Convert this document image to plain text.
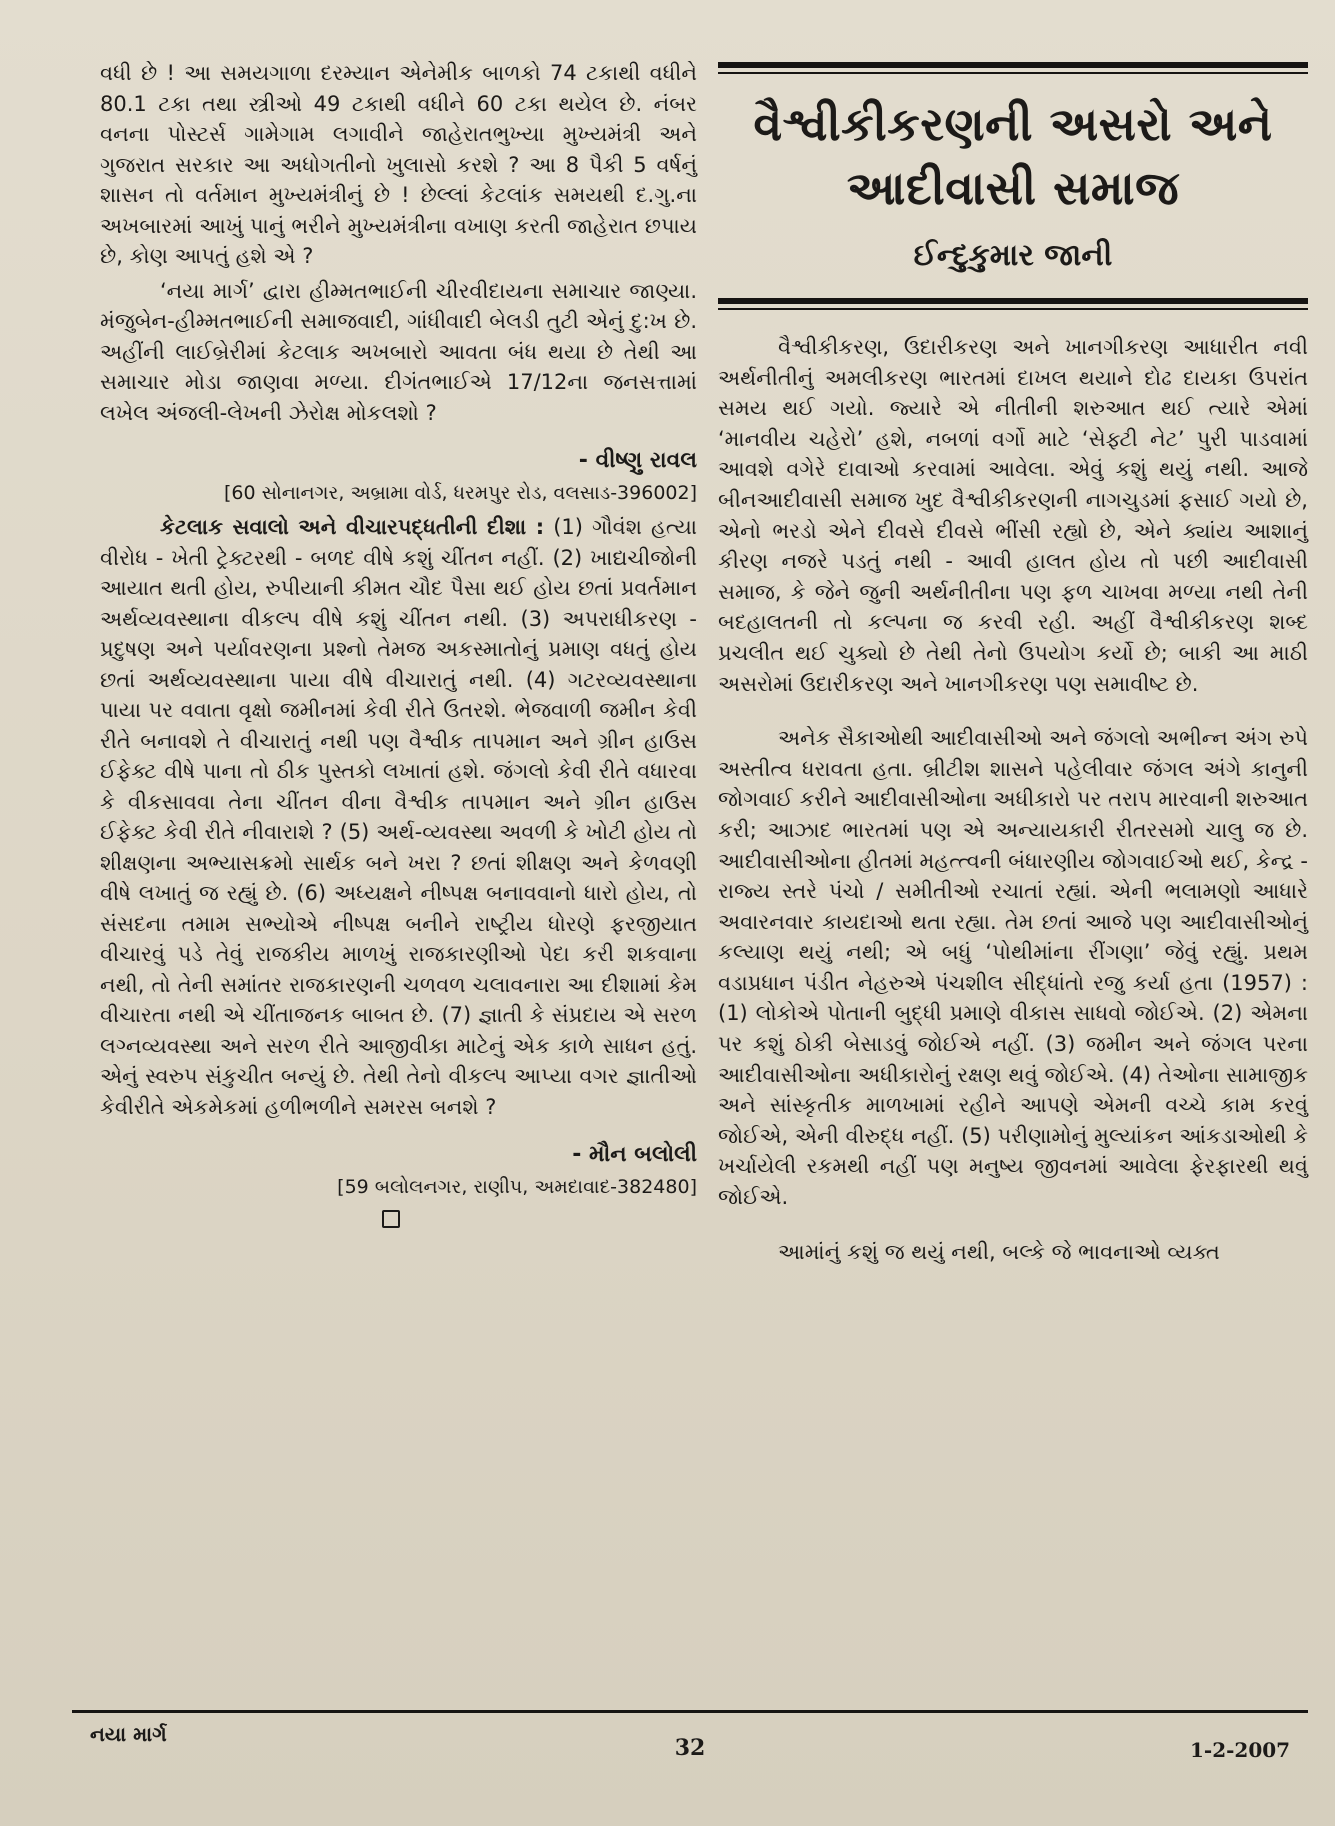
વધી છે ! આ સમયગાળા દરમ્યાન એનેમીક બાળકો 74 ટકાથી વધીને 80.1 ટકા તથા સ્ત્રીઓ 49 ટકાથી વધીને 60 ટકા થયેલ છે. નંબર વનના પોસ્ટર્સ ગામેગામ લગાવીને જાહેરાતભુખ્યા મુખ્યમંત્રી અને ગુજરાત સરકાર આ અધોગતીનો ખુલાસો કરશે ? આ 8 પૈકી 5 વર્ષનું શાસન તો વર્તમાન મુખ્યમંત્રીનું છે ! છેલ્લાં કેટલાંક સમયથી દ.ગુ.ના અખબારમાં આખું પાનું ભરીને મુખ્યમંત્રીના વખાણ કરતી જાહેરાત છપાય છે, કોણ આપતું હશે એ ?

‘નયા માર્ગ’ દ્વારા હીમ્મતભાઈની ચીરવીદાયના સમાચાર જાણ્યા. મંજુબેન-હીમ્મતભાઈની સમાજવાદી, ગાંધીવાદી બેલડી તુટી એનું દુ:ખ છે. અહીંની લાઈબ્રેરીમાં કેટલાક અખબારો આવતા બંધ થયા છે તેથી આ સમાચાર મોડા જાણવા મળ્યા. દીગંતભાઈએ 17/12ના જનસત્તામાં લખેલ અંજલી-લેખની ઝેરોક્ષ મોકલશો ?

- વીષ્ણુ રાવલ
[60 સોનાનગર, અબ્રામા વોર્ડ, ધરમપુર રોડ, વલસાડ-396002]

કેટલાક સવાલો અને વીચારપદ્ધતીની દીશા : (1) ગૌવંશ હત્યા વીરોધ - ખેતી ટ્રેક્ટરથી - બળદ વીષે કશું ચીંતન નહીં. (2) ખાદ્યચીજોની આયાત થતી હોય, રુપીયાની કીમત ચૌદ પૈસા થઈ હોય છતાં પ્રવર્તમાન અર્થવ્યવસ્થાના વીકલ્પ વીષે કશું ચીંતન નથી. (3) અપરાધીકરણ - પ્રદુષણ અને પર્યાવરણના પ્રશ્નો તેમજ અકસ્માતોનું પ્રમાણ વધતું હોય છતાં અર્થવ્યવસ્થાના પાયા વીષે વીચારાતું નથી. (4) ગટરવ્યવસ્થાના પાયા પર વવાતા વૃક્ષો જમીનમાં કેવી રીતે ઉતરશે. ભેજવાળી જમીન કેવી રીતે બનાવશે તે વીચારાતું નથી પણ વૈશ્વીક તાપમાન અને ગ્રીન હાઉસ ઈફેક્ટ વીષે પાના તો ઠીક પુસ્તકો લખાતાં હશે. જંગલો કેવી રીતે વધારવા કે વીકસાવવા તેના ચીંતન વીના વૈશ્વીક તાપમાન અને ગ્રીન હાઉસ ઈફેક્ટ કેવી રીતે નીવારાશે ? (5) અર્થ-વ્યવસ્થા અવળી કે ખોટી હોય તો શીક્ષણના અભ્યાસક્રમો સાર્થક બને ખરા ? છતાં શીક્ષણ અને કેળવણી વીષે લખાતું જ રહ્યું છે. (6) અધ્યક્ષને નીષ્પક્ષ બનાવવાનો ધારો હોય, તો સંસદના તમામ સભ્યોએ નીષ્પક્ષ બનીને રાષ્ટ્રીય ધોરણે ફરજીયાત વીચારવું પડે તેવું રાજકીય માળખું રાજકારણીઓ પેદા કરી શકવાના નથી, તો તેની સમાંતર રાજકારણની ચળવળ ચલાવનારા આ દીશામાં કેમ વીચારતા નથી એ ચીંતાજનક બાબત છે. (7) જ્ઞાતી કે સંપ્રદાય એ સરળ લગ્નવ્યવસ્થા અને સરળ રીતે આજીવીકા માટેનું એક કાળે સાધન હતું. એનું સ્વરુપ સંકુચીત બન્યું છે. તેથી તેનો વીકલ્પ આપ્યા વગર જ્ઞાતીઓ કેવીરીતે એકમેકમાં હળીભળીને સમરસ બનશે ?

- મૌન બલોલી
[59 બલોલનગર, રાણીપ, અમદાવાદ-382480]
વૈશ્વીકીકરણની અસરો અને આદીવાસી સમાજ
ઈન્દુકુમાર જાની

વૈશ્વીકીકરણ, ઉદારીકરણ અને ખાનગીકરણ આધારીત નવી અર્થનીતીનું અમલીકરણ ભારતમાં દાખલ થયાને દોઢ દાયકા ઉપરાંત સમય થઈ ગયો. જ્યારે એ નીતીની શરુઆત થઈ ત્યારે એમાં ‘માનવીય ચહેરો’ હશે, નબળાં વર્ગો માટે ‘સેફ્ટી નેટ’ પુરી પાડવામાં આવશે વગેરે દાવાઓ કરવામાં આવેલા. એવું કશું થયું નથી. આજે બીનઆદીવાસી સમાજ ખુદ વૈશ્વીકીકરણની નાગચુડમાં ફસાઈ ગયો છે, એનો ભરડો એને દીવસે દીવસે ભીંસી રહ્યો છે, એને ક્યાંય આશાનું કીરણ નજરે પડતું નથી - આવી હાલત હોય તો પછી આદીવાસી સમાજ, કે જેને જુની અર્થનીતીના પણ ફળ ચાખવા મળ્યા નથી તેની બદહાલતની તો કલ્પના જ કરવી રહી. અહીં વૈશ્વીકીકરણ શબ્દ પ્રચલીત થઈ ચુક્યો છે તેથી તેનો ઉપયોગ કર્યો છે; બાકી આ માઠી અસરોમાં ઉદારીકરણ અને ખાનગીકરણ પણ સમાવીષ્ટ છે.

અનેક સૈકાઓથી આદીવાસીઓ અને જંગલો અભીન્ન અંગ રુપે અસ્તીત્વ ધરાવતા હતા. બ્રીટીશ શાસને પહેલીવાર જંગલ અંગે કાનુની જોગવાઈ કરીને આદીવાસીઓના અધીકારો પર તરાપ મારવાની શરુઆત કરી; આઝાદ ભારતમાં પણ એ અન્યાયકારી રીતરસમો ચાલુ જ છે. આદીવાસીઓના હીતમાં મહત્ત્વની બંધારણીય જોગવાઈઓ થઈ, કેન્દ્ર - રાજ્ય સ્તરે પંચો / સમીતીઓ રચાતાં રહ્યાં. એની ભલામણો આધારે અવારનવાર કાયદાઓ થતા રહ્યા. તેમ છતાં આજે પણ આદીવાસીઓનું કલ્યાણ થયું નથી; એ બધું ‘પોથીમાંના રીંગણા’ જેવું રહ્યું. પ્રથમ વડાપ્રધાન પંડીત નેહરુએ પંચશીલ સીદ્ધાંતો રજુ કર્યા હતા (1957) : (1) લોકોએ પોતાની બુદ્ધી પ્રમાણે વીકાસ સાધવો જોઈએ. (2) એમના પર કશું ઠોકી બેસાડવું જોઈએ નહીં. (3) જમીન અને જંગલ પરના આદીવાસીઓના અધીકારોનું રક્ષણ થવું જોઈએ. (4) તેઓના સામાજીક અને સાંસ્કૃતીક માળખામાં રહીને આપણે એમની વચ્ચે કામ કરવું જોઈએ, એની વીરુદ્ધ નહીં. (5) પરીણામોનું મુલ્યાંકન આંકડાઓથી કે ખર્ચાયેલી રકમથી નહીં પણ મનુષ્ય જીવનમાં આવેલા ફેરફારથી થવું જોઈએ.

આમાંનું કશું જ થયું નથી, બલ્કે જે ભાવનાઓ વ્યક્ત

નયા માર્ગ
32	1-2-2007
